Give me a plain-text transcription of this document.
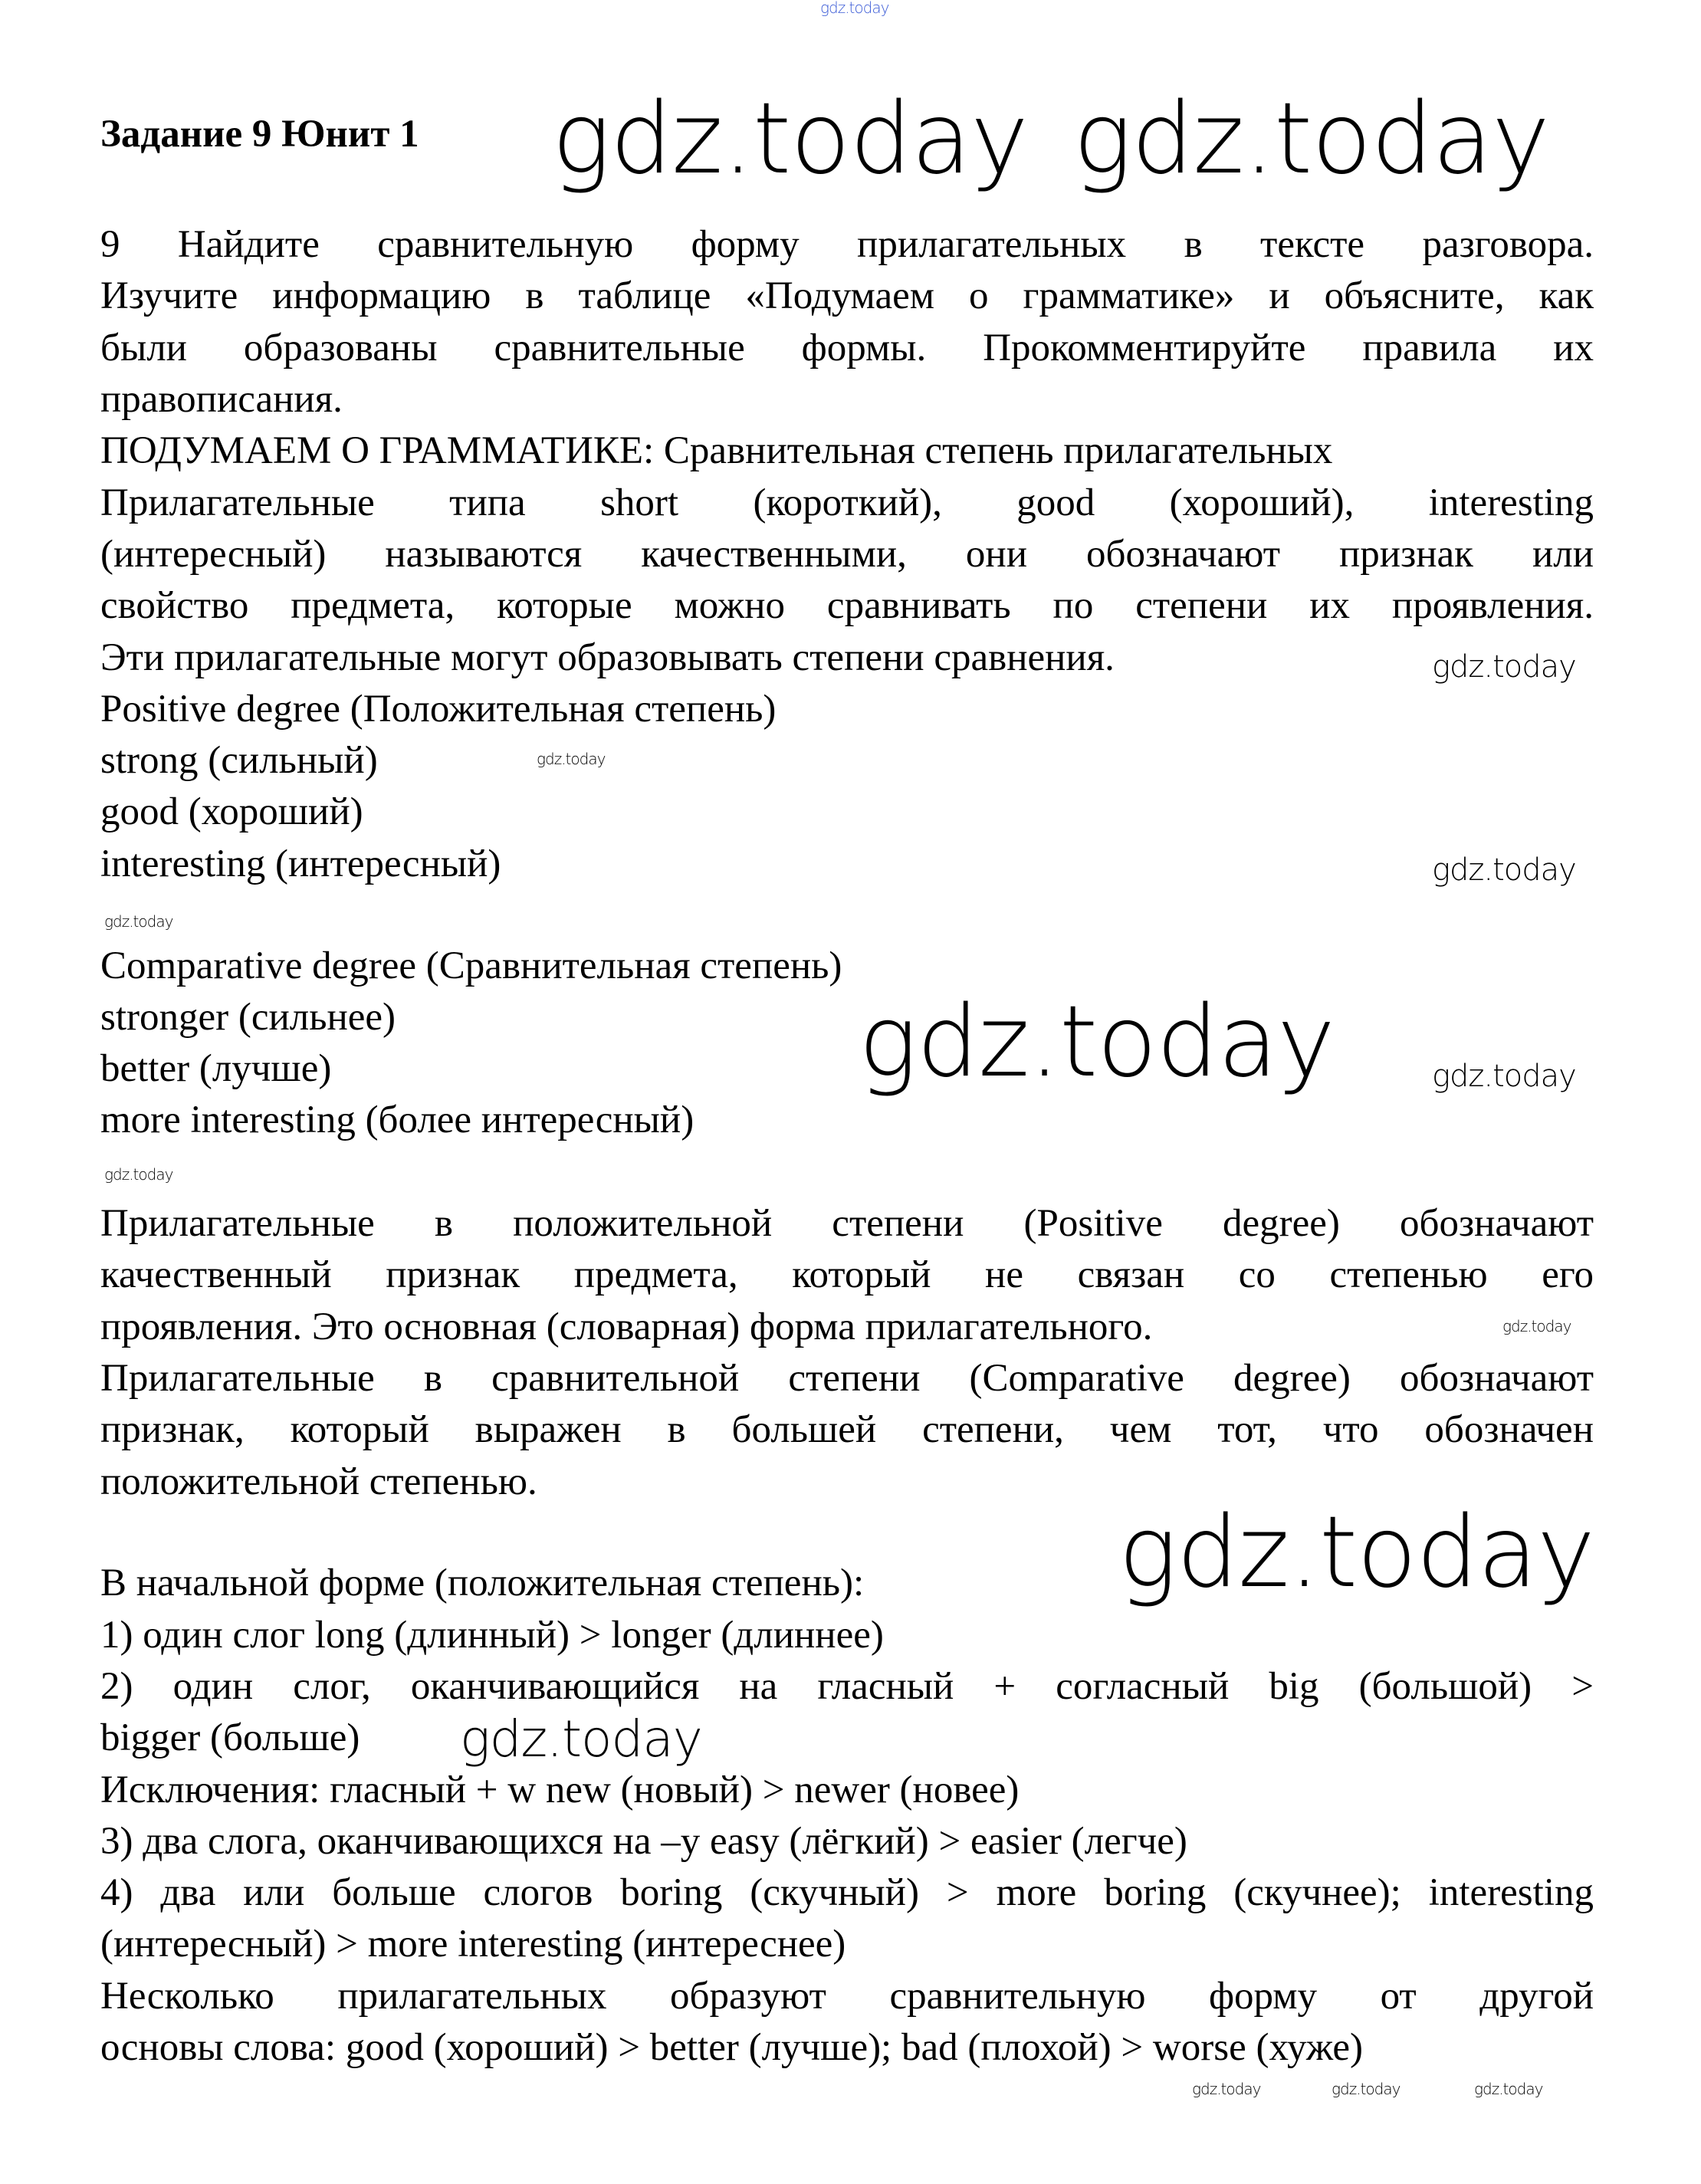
Задание 9 Юнит 1
9 Найдите сравнительную форму прилагательных в тексте разговора.
Изучите информацию в таблице «Подумаем о грамматике» и объясните, как
были образованы сравнительные формы. Прокомментируйте правила их
правописания.
ПОДУМАЕМ О ГРАММАТИКЕ: Сравнительная степень прилагательных
Прилагательные типа short (короткий), good (хороший), interesting
(интересный) называются качественными, они обозначают признак или
свойство предмета, которые можно сравнивать по степени их проявления.
Эти прилагательные могут образовывать степени сравнения.
Positive degree (Положительная степень)
strong (сильный)
good (хороший)
interesting (интересный)
Comparative degree (Сравнительная степень)
stronger (сильнее)
better (лучше)
more interesting (более интересный)
Прилагательные в положительной степени (Positive degree) обозначают
качественный признак предмета, который не связан со степенью его
проявления. Это основная (словарная) форма прилагательного.
Прилагательные в сравнительной степени (Comparative degree) обозначают
признак, который выражен в большей степени, чем тот, что обозначен
положительной степенью.
В начальной форме (положительная степень):
1) один слог long (длинный) > longer (длиннее)
2) один слог, оканчивающийся на гласный + согласный big (большой) >
bigger (больше)
Исключения: гласный + w new (новый) > newer (новее)
3) два слога, оканчивающихся на –y easy (лёгкий) > easier (легче)
4) два или больше слогов boring (скучный) > more boring (скучнее); interesting
(интересный) > more interesting (интереснее)
Несколько прилагательных образуют сравнительную форму от другой
основы слова: good (хороший) > better (лучше); bad (плохой) > worse (хуже)
gdz.today
gdz.today gdz.today
gdz.today
gdz.today
gdz.today
gdz.today
gdz.today
gdz.today
gdz.today
gdz.today
gdz.today
gdz.today
gdz.today	gdz.today	gdz.today
